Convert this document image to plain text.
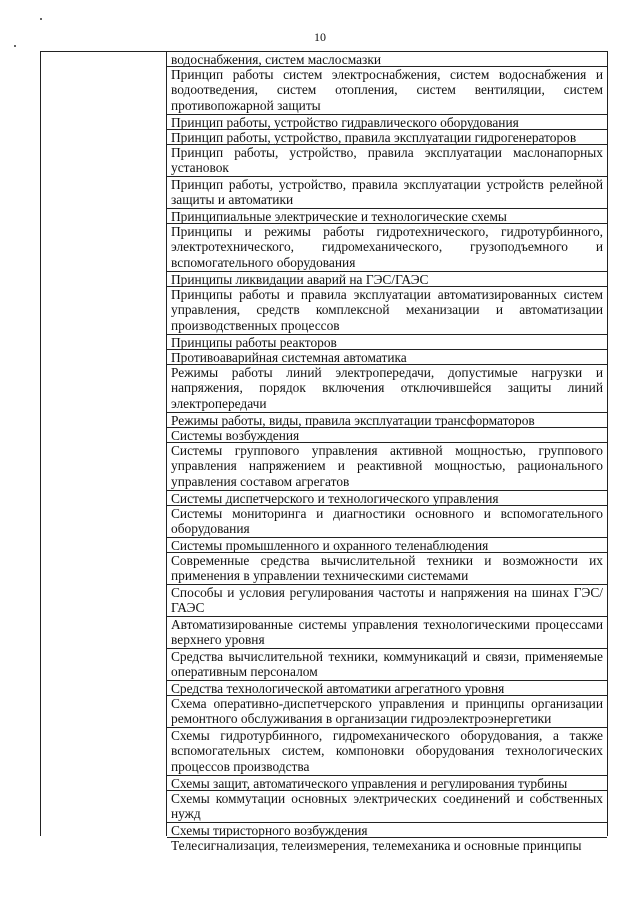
10
водоснабжения, систем маслосмазки
Принцип работы систем электроснабжения, систем водоснабжения и водоотведения, систем отопления, систем вентиляции, систем противопожарной защиты
Принцип работы, устройство гидравлического оборудования
Принцип работы, устройство, правила эксплуатации гидрогенераторов
Принцип работы, устройство, правила эксплуатации маслонапорных установок
Принцип работы, устройство, правила эксплуатации устройств релейной защиты и автоматики
Принципиальные электрические и технологические схемы
Принципы и режимы работы гидротехнического, гидротурбинного, электротехнического, гидромеханического, грузоподъемного и вспомогательного оборудования
Принципы ликвидации аварий на ГЭС/ГАЭС
Принципы работы и правила эксплуатации автоматизированных систем управления, средств комплексной механизации и автоматизации производственных процессов
Принципы работы реакторов
Противоаварийная системная автоматика
Режимы работы линий электропередачи, допустимые нагрузки и напряжения, порядок включения отключившейся защиты линий электропередачи
Режимы работы, виды, правила эксплуатации трансформаторов
Системы возбуждения
Системы группового управления активной мощностью, группового управления напряжением и реактивной мощностью, рационального управления составом агрегатов
Системы диспетчерского и технологического управления
Системы мониторинга и диагностики основного и вспомогательного оборудования
Системы промышленного и охранного теленаблюдения
Современные средства вычислительной техники и возможности их применения в управлении техническими системами
Способы и условия регулирования частоты и напряжения на шинах ГЭС/ГАЭС
Автоматизированные системы управления технологическими процессами верхнего уровня
Средства вычислительной техники, коммуникаций и связи, применяемые оперативным персоналом
Средства технологической автоматики агрегатного уровня
Схема оперативно-диспетчерского управления и принципы организации ремонтного обслуживания в организации гидроэлектроэнергетики
Схемы гидротурбинного, гидромеханического оборудования, а также вспомогательных систем, компоновки оборудования технологических процессов производства
Схемы защит, автоматического управления и регулирования турбины
Схемы коммутации основных электрических соединений и собственных нужд
Схемы тиристорного возбуждения
Телесигнализация, телеизмерения, телемеханика и основные принципы
